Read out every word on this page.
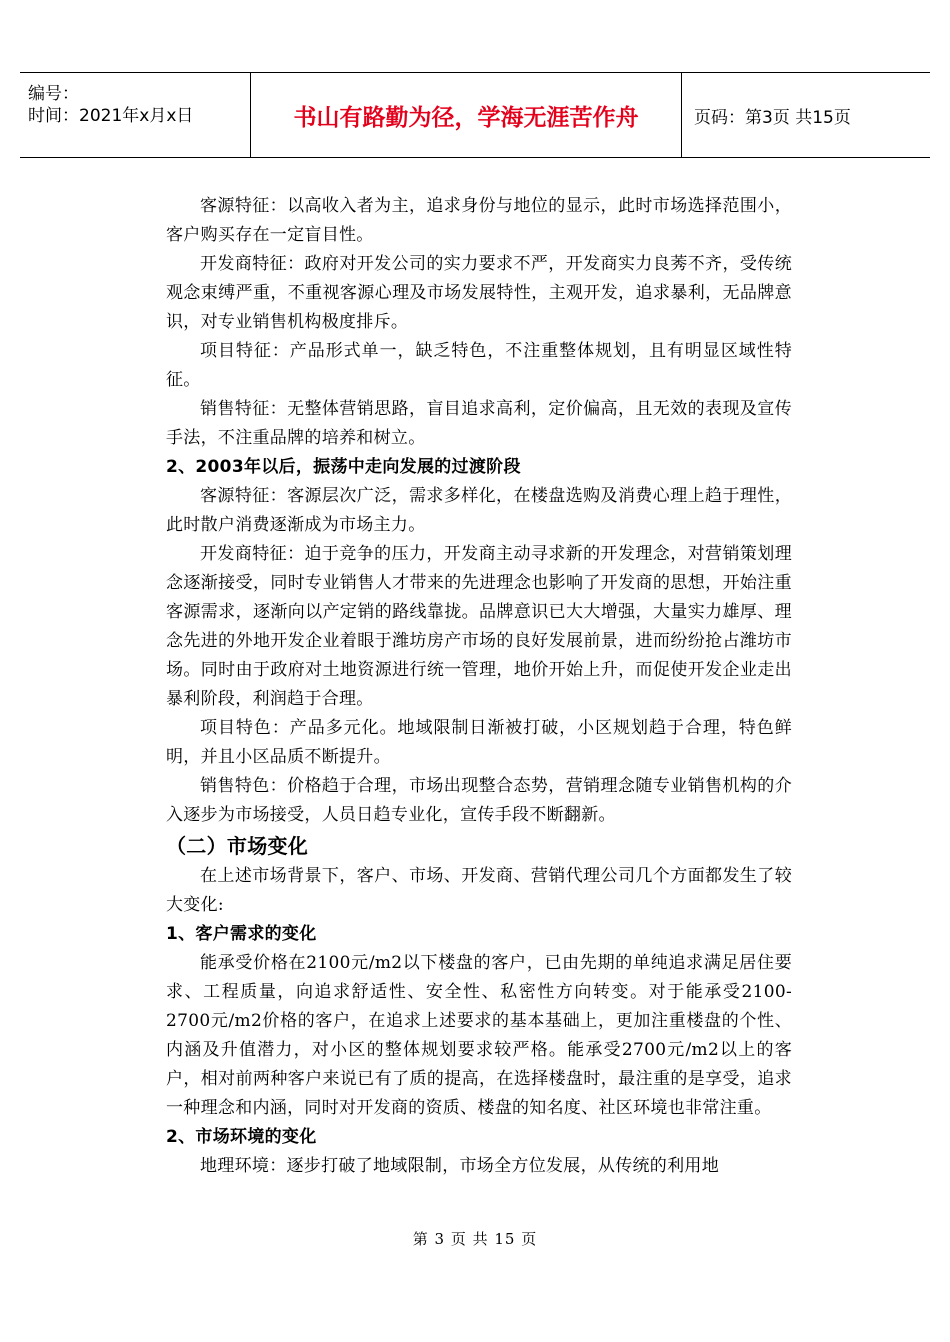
编号：
时间：2021年x月x日	书山有路勤为径，学海无涯苦作舟	页码：第3页 共15页

客源特征：以高收入者为主，追求身份与地位的显示，此时市场选择范围小，客户购买存在一定盲目性。

开发商特征：政府对开发公司的实力要求不严，开发商实力良莠不齐，受传统观念束缚严重，不重视客源心理及市场发展特性，主观开发，追求暴利，无品牌意识，对专业销售机构极度排斥。

项目特征：产品形式单一，缺乏特色，不注重整体规划，且有明显区域性特征。

销售特征：无整体营销思路，盲目追求高利，定价偏高，且无效的表现及宣传手法，不注重品牌的培养和树立。

2、2003年以后，振荡中走向发展的过渡阶段

客源特征：客源层次广泛，需求多样化，在楼盘选购及消费心理上趋于理性，此时散户消费逐渐成为市场主力。

开发商特征：迫于竞争的压力，开发商主动寻求新的开发理念，对营销策划理念逐渐接受，同时专业销售人才带来的先进理念也影响了开发商的思想，开始注重客源需求，逐渐向以产定销的路线靠拢。品牌意识已大大增强，大量实力雄厚、理念先进的外地开发企业着眼于潍坊房产市场的良好发展前景，进而纷纷抢占潍坊市场。同时由于政府对土地资源进行统一管理，地价开始上升，而促使开发企业走出暴利阶段，利润趋于合理。

项目特色：产品多元化。地域限制日渐被打破，小区规划趋于合理，特色鲜明，并且小区品质不断提升。

销售特色：价格趋于合理，市场出现整合态势，营销理念随专业销售机构的介入逐步为市场接受，人员日趋专业化，宣传手段不断翻新。

（二）市场变化

在上述市场背景下，客户、市场、开发商、营销代理公司几个方面都发生了较大变化:

1、客户需求的变化

能承受价格在2100元/m2以下楼盘的客户，已由先期的单纯追求满足居住要求、工程质量，向追求舒适性、安全性、私密性方向转变。对于能承受2100-2700元/m2价格的客户，在追求上述要求的基本基础上，更加注重楼盘的个性、内涵及升值潜力，对小区的整体规划要求较严格。能承受2700元/m2以上的客户，相对前两种客户来说已有了质的提高，在选择楼盘时，最注重的是享受，追求一种理念和内涵，同时对开发商的资质、楼盘的知名度、社区环境也非常注重。

2、市场环境的变化

地理环境：逐步打破了地域限制，市场全方位发展，从传统的利用地

第 3 页 共 15 页
